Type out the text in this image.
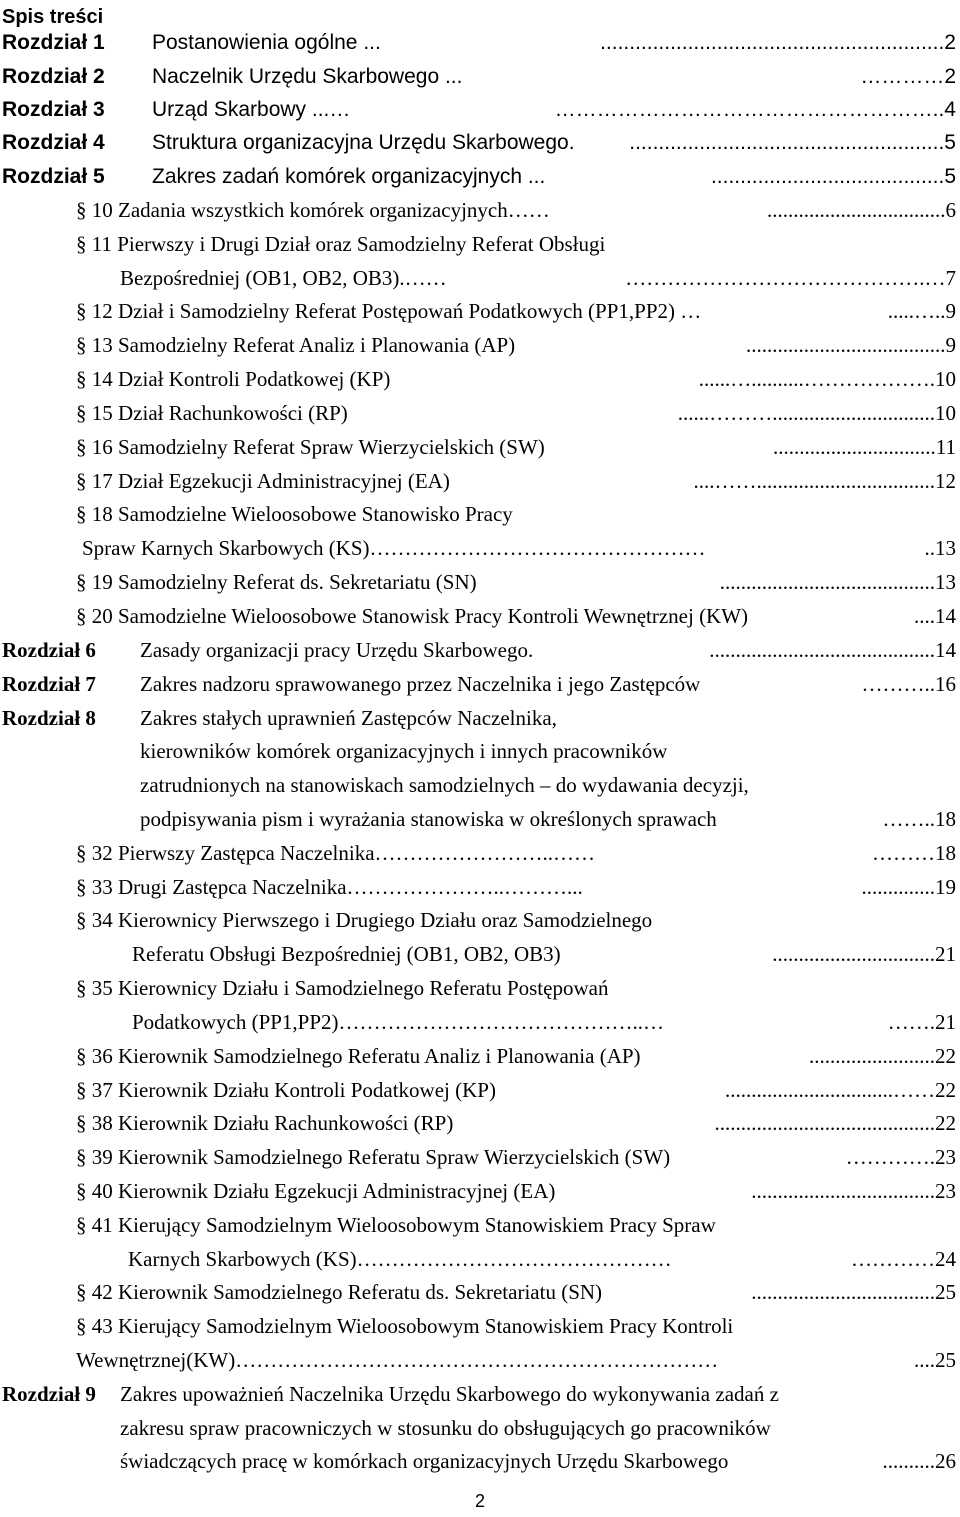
Spis treści
Rozdział 1 Postanowienia ogólne ...	...........................................................2
Rozdział 2 Naczelnik Urzędu Skarbowego ...	…………2
Rozdział 3 Urząd Skarbowy ...…	………………………………………………..4
Rozdział 4 Struktura organizacyjna Urzędu Skarbowego.	......................................................5
Rozdział 5 Zakres zadań komórek organizacyjnych ...	........................................5
§ 10 Zadania wszystkich komórek organizacyjnych……	..................................6
§ 11 Pierwszy i Drugi Dział oraz Samodzielny Referat Obsługi
Bezpośredniej (OB1, OB2, OB3).……	…………………………………….…7
§ 12 Dział i Samodzielny Referat Postępowań Podatkowych (PP1,PP2) …	.....…..9
§ 13 Samodzielny Referat Analiz i Planowania (AP)	......................................9
§ 14 Dział Kontroli Podatkowej (KP)	......…..........……………….10
§ 15 Dział Rachunkowości (RP)	......………...............................10
§ 16 Samodzielny Referat Spraw Wierzycielskich (SW)	...............................11
§ 17 Dział Egzekucji Administracyjnej (EA)	....……..................................12
§ 18 Samodzielne Wieloosobowe Stanowisko Pracy
Spraw Karnych Skarbowych (KS)…………………………………………	..13
§ 19 Samodzielny Referat ds. Sekretariatu (SN)	.........................................13
§ 20 Samodzielne Wieloosobowe Stanowisk Pracy Kontroli Wewnętrznej (KW)	....14
Rozdział 6 Zasady organizacji pracy Urzędu Skarbowego.	...........................................14
Rozdział 7 Zakres nadzoru sprawowanego przez Naczelnika i jego Zastępców	………..16
Rozdział 8 Zakres stałych uprawnień Zastępców Naczelnika,
kierowników komórek organizacyjnych i innych pracowników
zatrudnionych na stanowiskach samodzielnych – do wydawania decyzji,
podpisywania pism i wyrażania stanowiska w określonych sprawach	……..18
§ 32 Pierwszy Zastępca Naczelnika……………………..……	………18
§ 33 Drugi Zastępca Naczelnika…………………..………...	..............19
§ 34 Kierownicy Pierwszego i Drugiego Działu oraz Samodzielnego
Referatu Obsługi Bezpośredniej (OB1, OB2, OB3)	...............................21
§ 35 Kierownicy Działu i Samodzielnego Referatu Postępowań
Podatkowych (PP1,PP2)……………………………………..…	…….21
§ 36 Kierownik Samodzielnego Referatu Analiz i Planowania (AP)	........................22
§ 37 Kierownik Działu Kontroli Podatkowej (KP)	................................……22
§ 38 Kierownik Działu Rachunkowości (RP)	..........................................22
§ 39 Kierownik Samodzielnego Referatu Spraw Wierzycielskich (SW)	………….23
§ 40 Kierownik Działu Egzekucji Administracyjnej (EA)	...................................23
§ 41 Kierujący Samodzielnym Wieloosobowym Stanowiskiem Pracy Spraw
Karnych Skarbowych (KS)………………………………………	…………24
§ 42 Kierownik Samodzielnego Referatu ds. Sekretariatu (SN)	...................................25
§ 43 Kierujący Samodzielnym Wieloosobowym Stanowiskiem Pracy Kontroli
Wewnętrznej(KW)……………………………………………………………	....25
Rozdział 9 Zakres upoważnień Naczelnika Urzędu Skarbowego do wykonywania zadań z
zakresu spraw pracowniczych w stosunku do obsługujących go pracowników
świadczących pracę w komórkach organizacyjnych Urzędu Skarbowego	..........26
2
